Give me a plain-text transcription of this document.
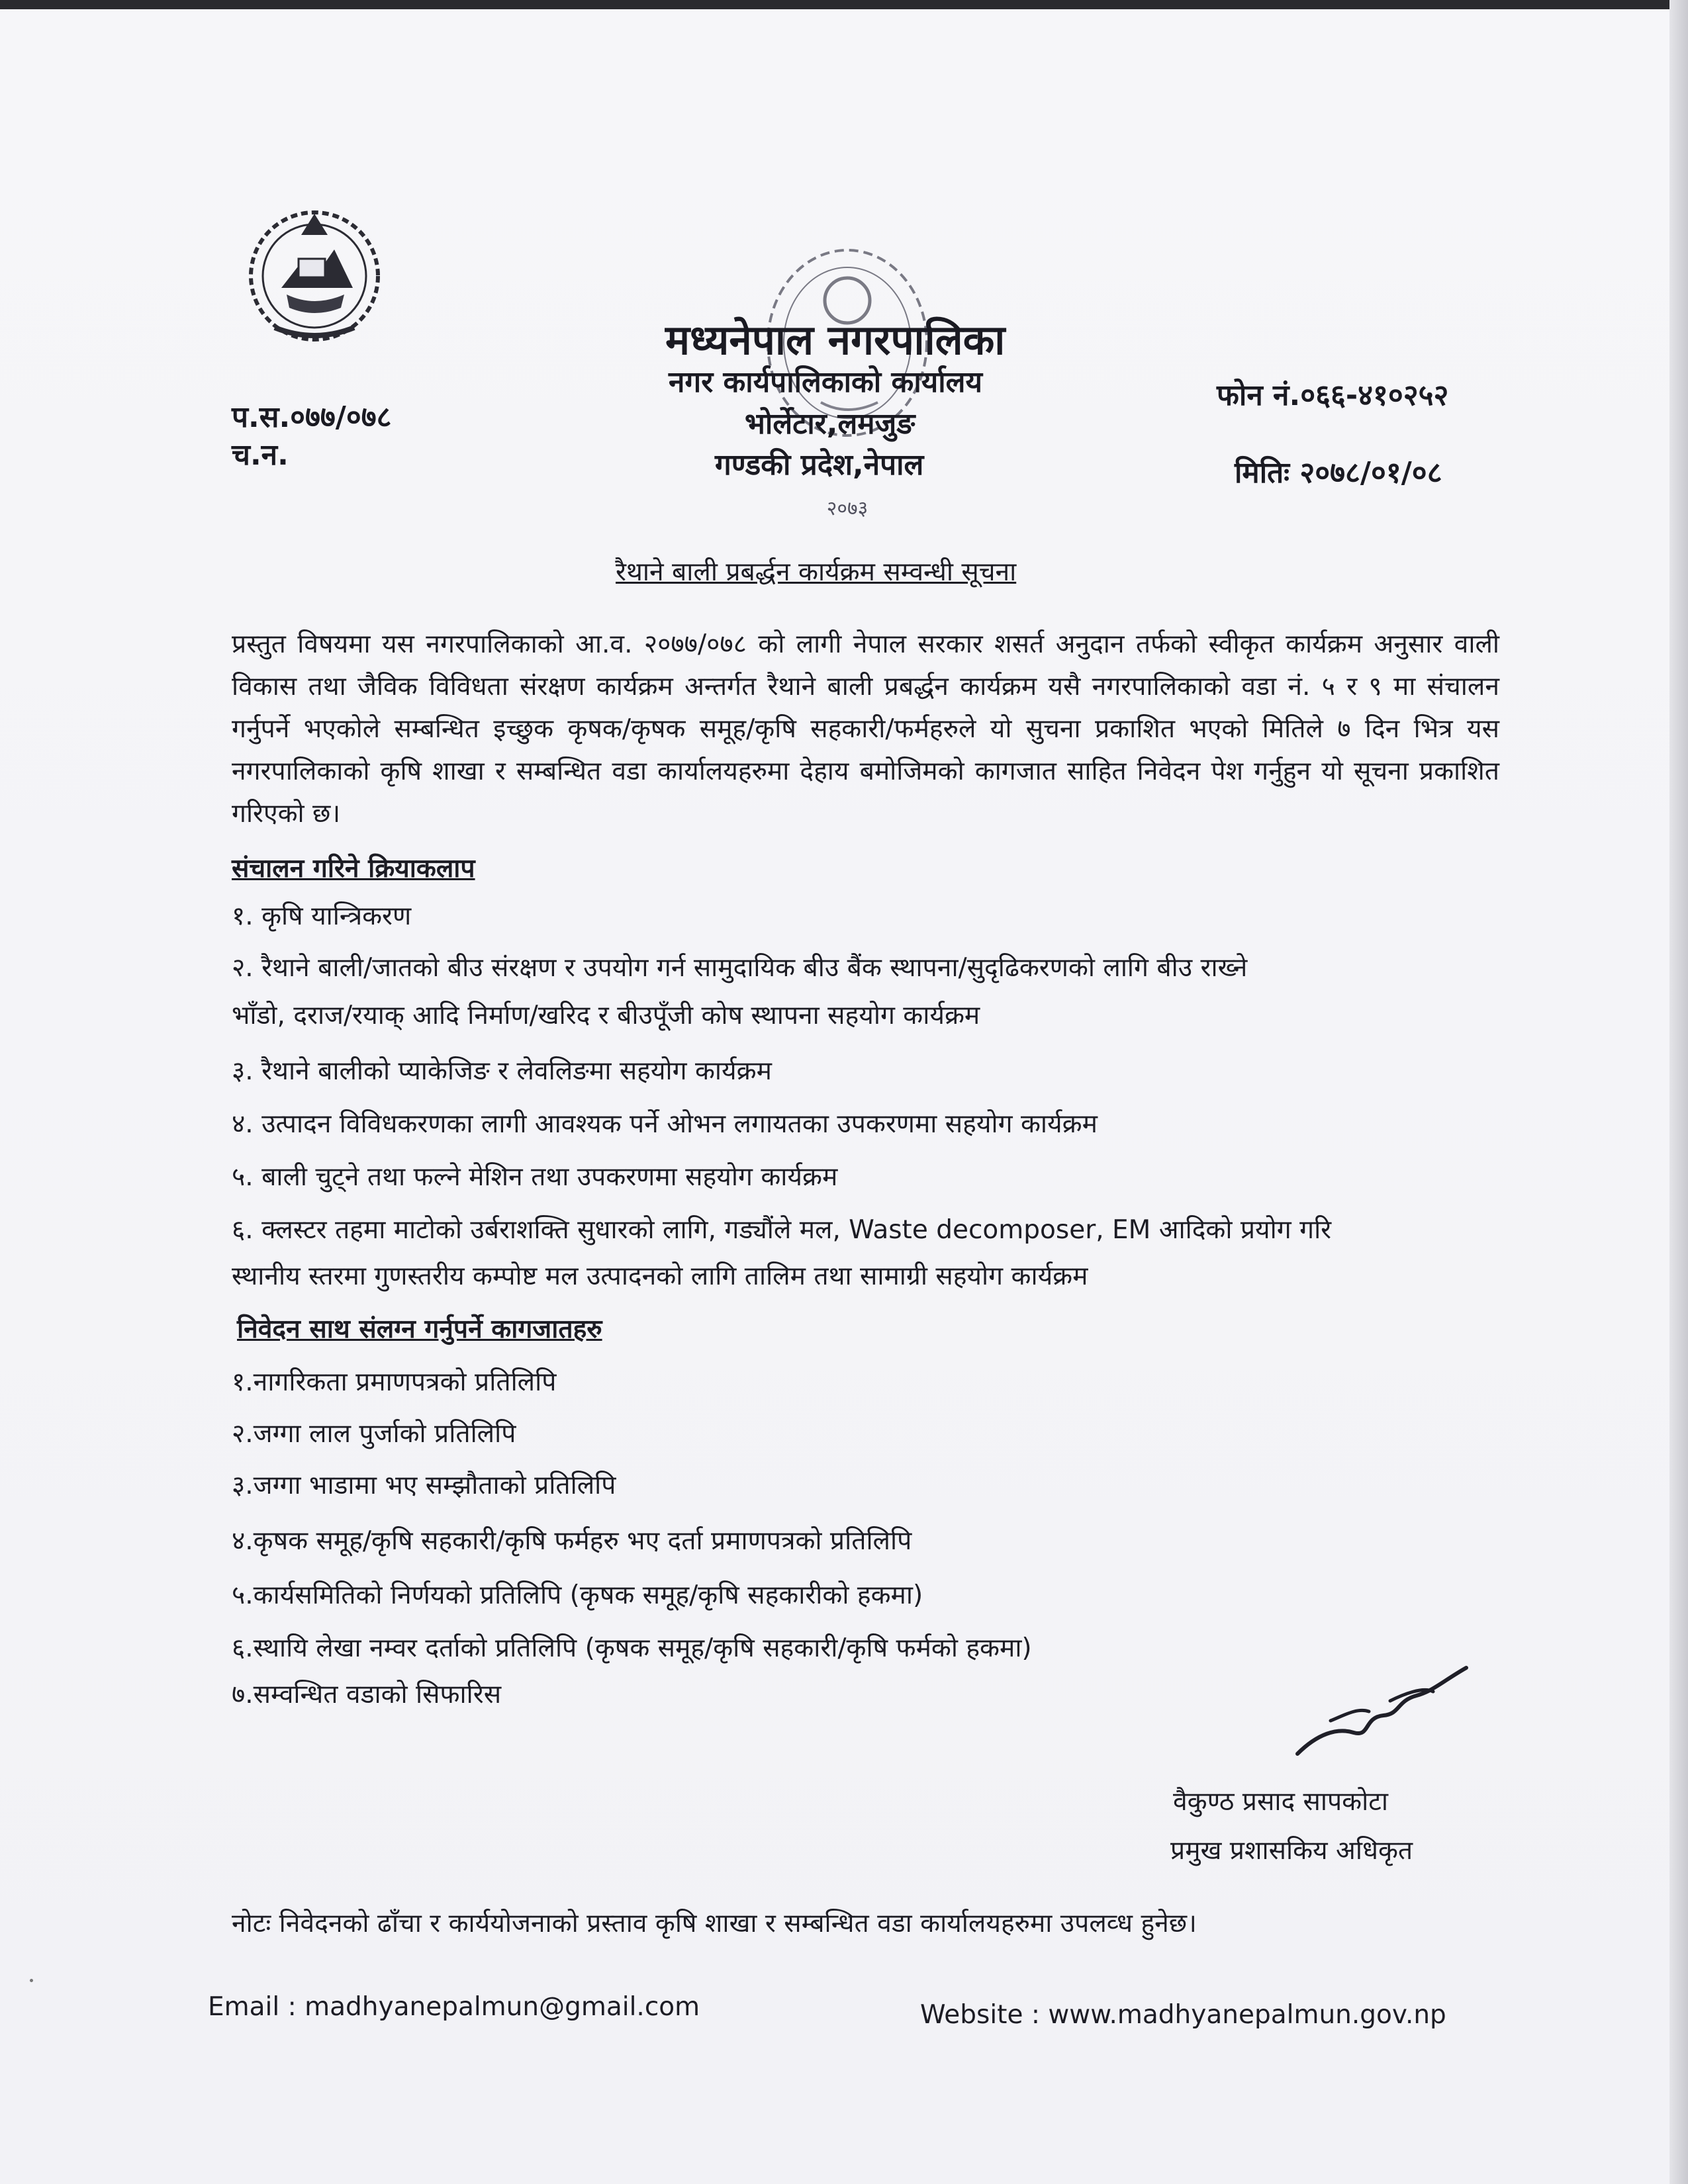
२०७३
मध्यनेपाल नगरपालिका
नगर कार्यपालिकाको कार्यालय
भोर्लेटार,लमजुङ
गण्डकी प्रदेश,नेपाल
प.स.०७७/०७८
च.न.
फोन नं.०६६-४१०२५२
मितिः २०७८/०१/०८
रैथाने बाली प्रबर्द्धन कार्यक्रम सम्वन्धी सूचना
प्रस्तुत विषयमा यस नगरपालिकाको आ.व. २०७७/०७८ को लागी नेपाल सरकार शसर्त अनुदान तर्फको स्वीकृत कार्यक्रम अनुसार वाली विकास तथा जैविक विविधता संरक्षण कार्यक्रम अन्तर्गत रैथाने बाली प्रबर्द्धन कार्यक्रम यसै नगरपालिकाको वडा नं. ५ र ९ मा संचालन गर्नुपर्ने भएकोले सम्बन्धित इच्छुक कृषक/कृषक समूह/कृषि सहकारी/फर्महरुले यो सुचना प्रकाशित भएको मितिले ७ दिन भित्र यस नगरपालिकाको कृषि शाखा र सम्बन्धित वडा कार्यालयहरुमा देहाय बमोजिमको कागजात साहित निवेदन पेश गर्नुहुन यो सूचना प्रकाशित गरिएको छ।
संचालन गरिने क्रियाकलाप
१. कृषि यान्त्रिकरण
२. रैथाने बाली/जातको बीउ संरक्षण र उपयोग गर्न सामुदायिक बीउ बैंक स्थापना/सुदृढिकरणको लागि बीउ राख्ने
भाँडो, दराज/रयाक् आदि निर्माण/खरिद र बीउपूँजी कोष स्थापना सहयोग कार्यक्रम
३. रैथाने बालीको प्याकेजिङ र लेवलिङमा सहयोग कार्यक्रम
४. उत्पादन विविधकरणका लागी आवश्यक पर्ने ओभन लगायतका उपकरणमा सहयोग कार्यक्रम
५. बाली चुट्ने तथा फल्ने मेशिन तथा उपकरणमा सहयोग कार्यक्रम
६. क्लस्टर तहमा माटोको उर्बराशक्ति सुधारको लागि, गड्यौंले मल, Waste decomposer, EM आदिको प्रयोग गरि
स्थानीय स्तरमा गुणस्तरीय कम्पोष्ट मल उत्पादनको लागि तालिम तथा सामाग्री सहयोग कार्यक्रम
निवेदन साथ संलग्न गर्नुपर्ने कागजातहरु
१.नागरिकता प्रमाणपत्रको प्रतिलिपि
२.जग्गा लाल पुर्जाको प्रतिलिपि
३.जग्गा भाडामा भए सम्झौताको प्रतिलिपि
४.कृषक समूह/कृषि सहकारी/कृषि फर्महरु भए दर्ता प्रमाणपत्रको प्रतिलिपि
५.कार्यसमितिको निर्णयको प्रतिलिपि (कृषक समूह/कृषि सहकारीको हकमा)
६.स्थायि लेखा नम्वर दर्ताको प्रतिलिपि (कृषक समूह/कृषि सहकारी/कृषि फर्मको हकमा)
७.सम्वन्धित वडाको सिफारिस
वैकुण्ठ प्रसाद सापकोटा
प्रमुख प्रशासकिय अधिकृत
नोटः निवेदनको ढाँचा र कार्ययोजनाको प्रस्ताव कृषि शाखा र सम्बन्धित वडा कार्यालयहरुमा उपलव्ध हुनेछ।
Email : madhyanepalmun@gmail.com	Website : www.madhyanepalmun.gov.np
